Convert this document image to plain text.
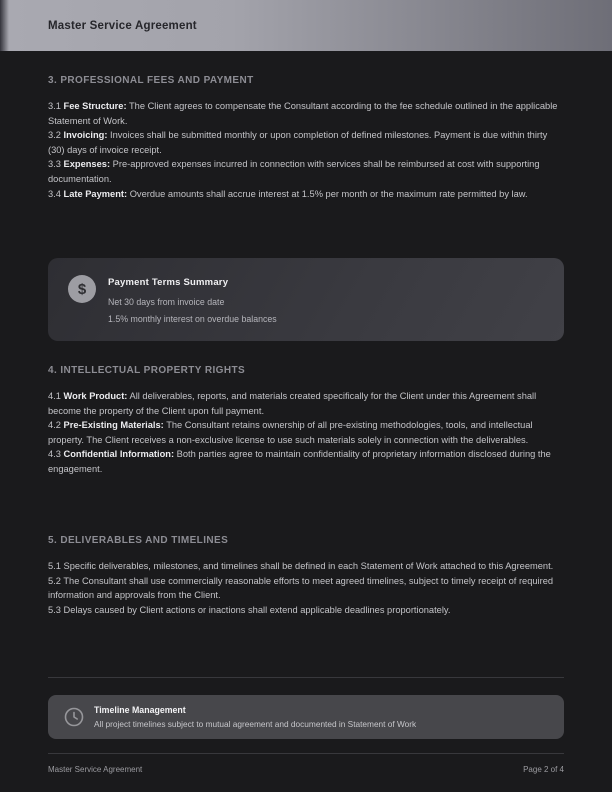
Master Service Agreement
3. PROFESSIONAL FEES AND PAYMENT

3.1 Fee Structure: The Client agrees to compensate the Consultant according to the fee schedule outlined in the applicable Statement of Work.

3.2 Invoicing: Invoices shall be submitted monthly or upon completion of defined milestones. Payment is due within thirty (30) days of invoice receipt.

3.3 Expenses: Pre-approved expenses incurred in connection with services shall be reimbursed at cost with supporting documentation.

3.4 Late Payment: Overdue amounts shall accrue interest at 1.5% per month or the maximum rate permitted by law.

$	Payment Terms Summary
Net 30 days from invoice date
1.5% monthly interest on overdue balances
4. INTELLECTUAL PROPERTY RIGHTS

4.1 Work Product: All deliverables, reports, and materials created specifically for the Client under this Agreement shall become the property of the Client upon full payment.

4.2 Pre-Existing Materials: The Consultant retains ownership of all pre-existing methodologies, tools, and intellectual property. The Client receives a non-exclusive license to use such materials solely in connection with the deliverables.

4.3 Confidential Information: Both parties agree to maintain confidentiality of proprietary information disclosed during the engagement.

5. DELIVERABLES AND TIMELINES

5.1 Specific deliverables, milestones, and timelines shall be defined in each Statement of Work attached to this Agreement.

5.2 The Consultant shall use commercially reasonable efforts to meet agreed timelines, subject to timely receipt of required information and approvals from the Client.

5.3 Delays caused by Client actions or inactions shall extend applicable deadlines proportionately.

Timeline Management
All project timelines subject to mutual agreement and documented in Statement of Work
Master Service Agreement	Page 2 of 4
